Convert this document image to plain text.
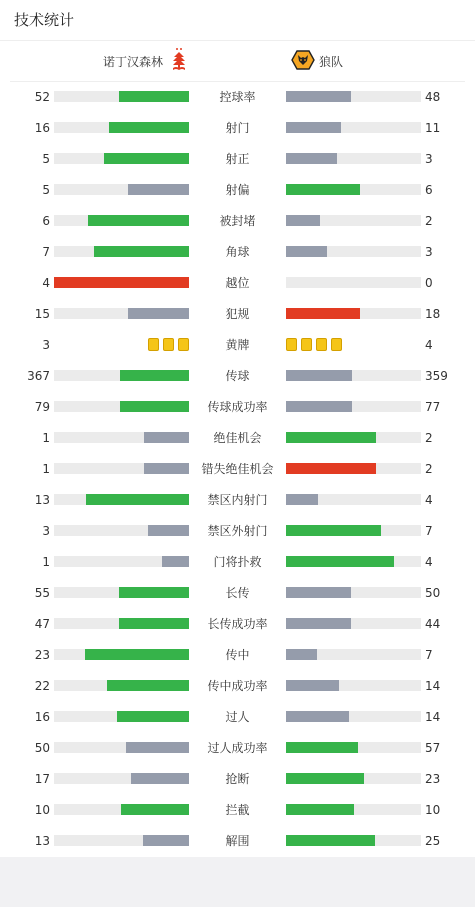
技术统计
诺丁汉森林	狼队
52	控球率	48
16	射门	11
5	射正	3
5	射偏	6
6	被封堵	2
7	角球	3
4	越位	0
15	犯规	18
3	黄牌	4
367	传球	359
79	传球成功率	77
1	绝佳机会	2
1	错失绝佳机会	2
13	禁区内射门	4
3	禁区外射门	7
1	门将扑救	4
55	长传	50
47	长传成功率	44
23	传中	7
22	传中成功率	14
16	过人	14
50	过人成功率	57
17	抢断	23
10	拦截	10
13	解围	25
